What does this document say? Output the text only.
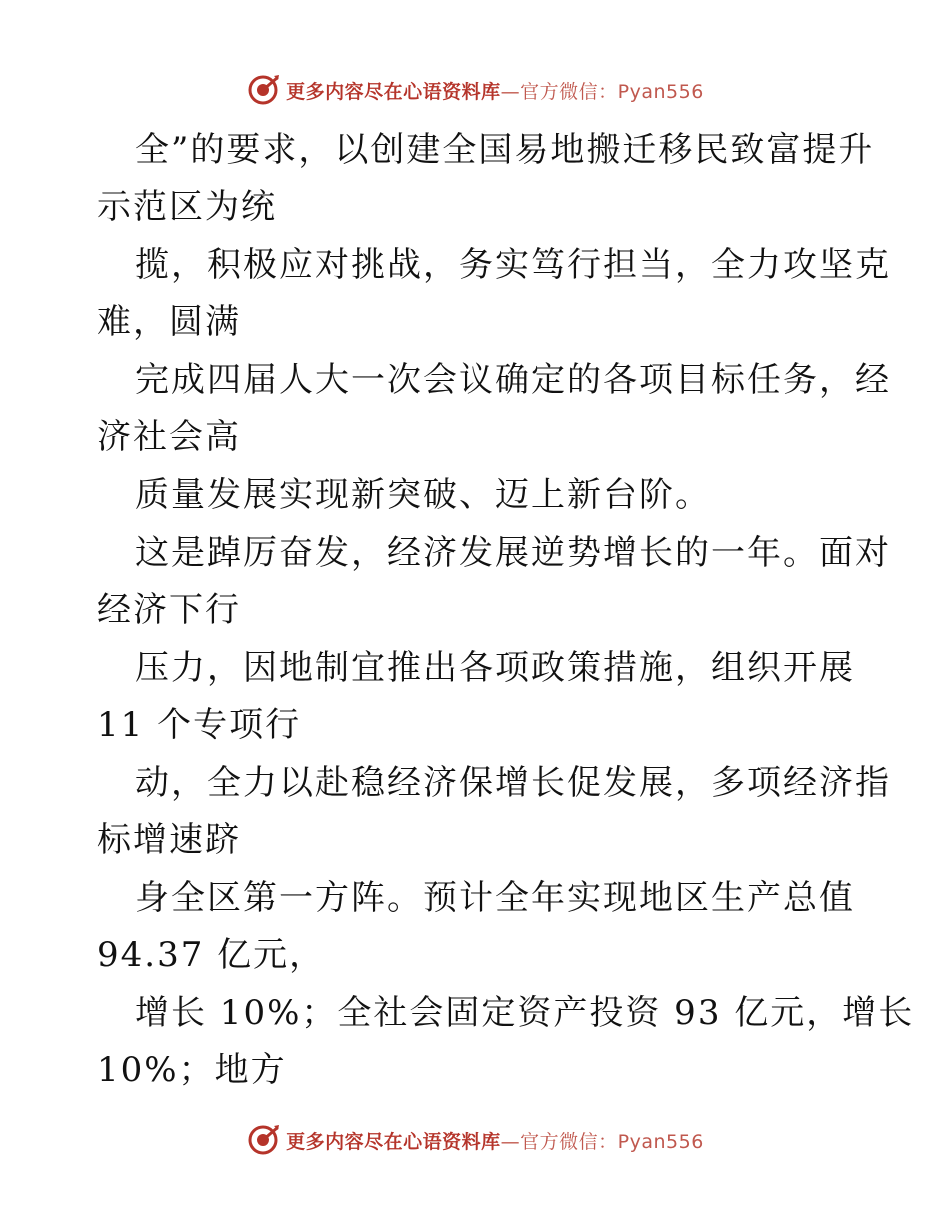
更多内容尽在心语资料库—官方微信：Pyan556
全”的要求，以创建全国易地搬迁移民致富提升
示范区为统
揽，积极应对挑战，务实笃行担当，全力攻坚克
难，圆满
完成四届人大一次会议确定的各项目标任务，经
济社会高
质量发展实现新突破、迈上新台阶。
这是踔厉奋发，经济发展逆势增长的一年。面对
经济下行
压力，因地制宜推出各项政策措施，组织开展
11 个专项行
动，全力以赴稳经济保增长促发展，多项经济指
标增速跻
身全区第一方阵。预计全年实现地区生产总值
94.37 亿元，
增长 10%；全社会固定资产投资 93 亿元，增长
10%；地方
更多内容尽在心语资料库—官方微信：Pyan556
